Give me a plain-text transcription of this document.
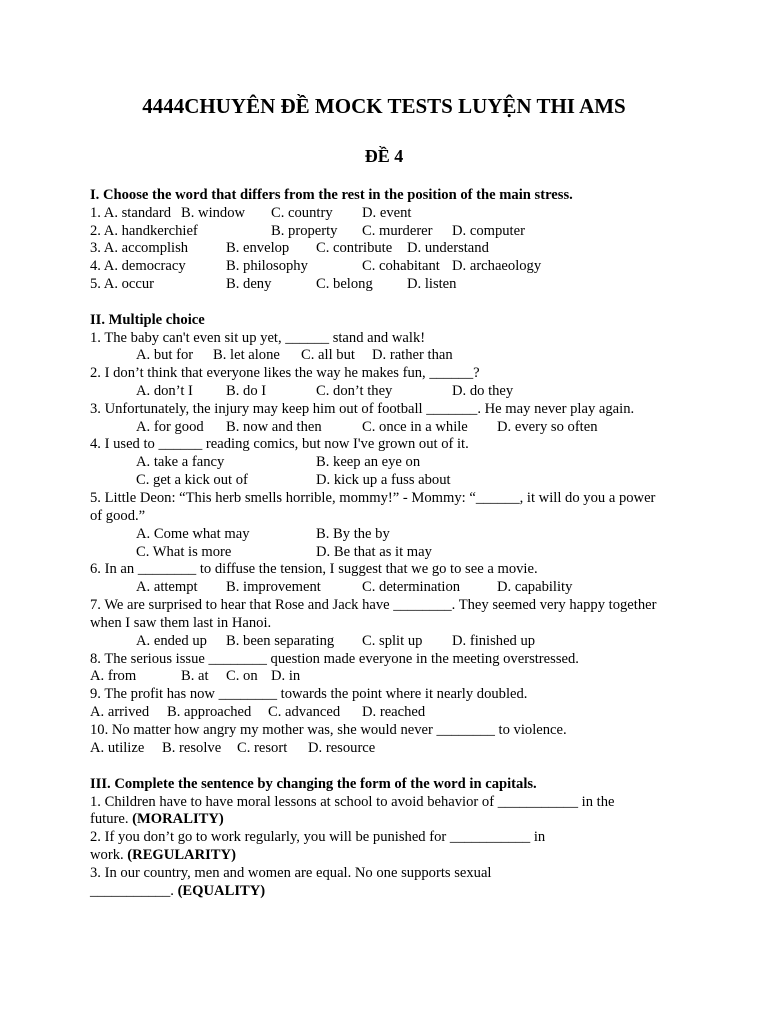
4444CHUYÊN ĐỀ MOCK TESTS LUYỆN THI AMS
ĐỀ 4
I. Choose the word that differs from the rest in the position of the main stress.
1. A. standard B. window C. country D. event
2. A. handkerchief	B. property C. murderer D. computer
3. A. accomplish	B. envelop C. contribute D. understand
4. A. democracy	B. philosophy	C. cohabitant D. archaeology
5. A. occur	B. deny	C. belong D. listen
II. Multiple choice
1. The baby can't even sit up yet, ______ stand and walk!
A. but for B. let alone C. all but D. rather than
2. I don’t think that everyone likes the way he makes fun, ______?
A. don’t I B. do I	C. don’t they	D. do they
3. Unfortunately, the injury may keep him out of football _______. He may never play again.
A. for good B. now and then	C. once in a while D. every so often
4. I used to ______ reading comics, but now I've grown out of it.
A. take a fancy	B. keep an eye on
C. get a kick out of	D. kick up a fuss about
5. Little Deon: “This herb smells horrible, mommy!” - Mommy: “______, it will do you a power
of good.”
A. Come what may	B. By the by
C. What is more	D. Be that as it may
6. In an ________ to diffuse the tension, I suggest that we go to see a movie.
A. attempt B. improvement	C. determination	D. capability
7. We are surprised to hear that Rose and Jack have ________. They seemed very happy together
when I saw them last in Hanoi.
A. ended up B. been separating C. split up D. finished up
8. The serious issue ________ question made everyone in the meeting overstressed.
A. from	B. at C. on D. in
9. The profit has now ________ towards the point where it nearly doubled.
A. arrived B. approached C. advanced D. reached
10. No matter how angry my mother was, she would never ________ to violence.
A. utilize B. resolve C. resort D. resource
III. Complete the sentence by changing the form of the word in capitals.
1. Children have to have moral lessons at school to avoid behavior of ___________ in the
future. (MORALITY)
2. If you don’t go to work regularly, you will be punished for ___________ in
work. (REGULARITY)
3. In our country, men and women are equal. No one supports sexual
___________. (EQUALITY)
